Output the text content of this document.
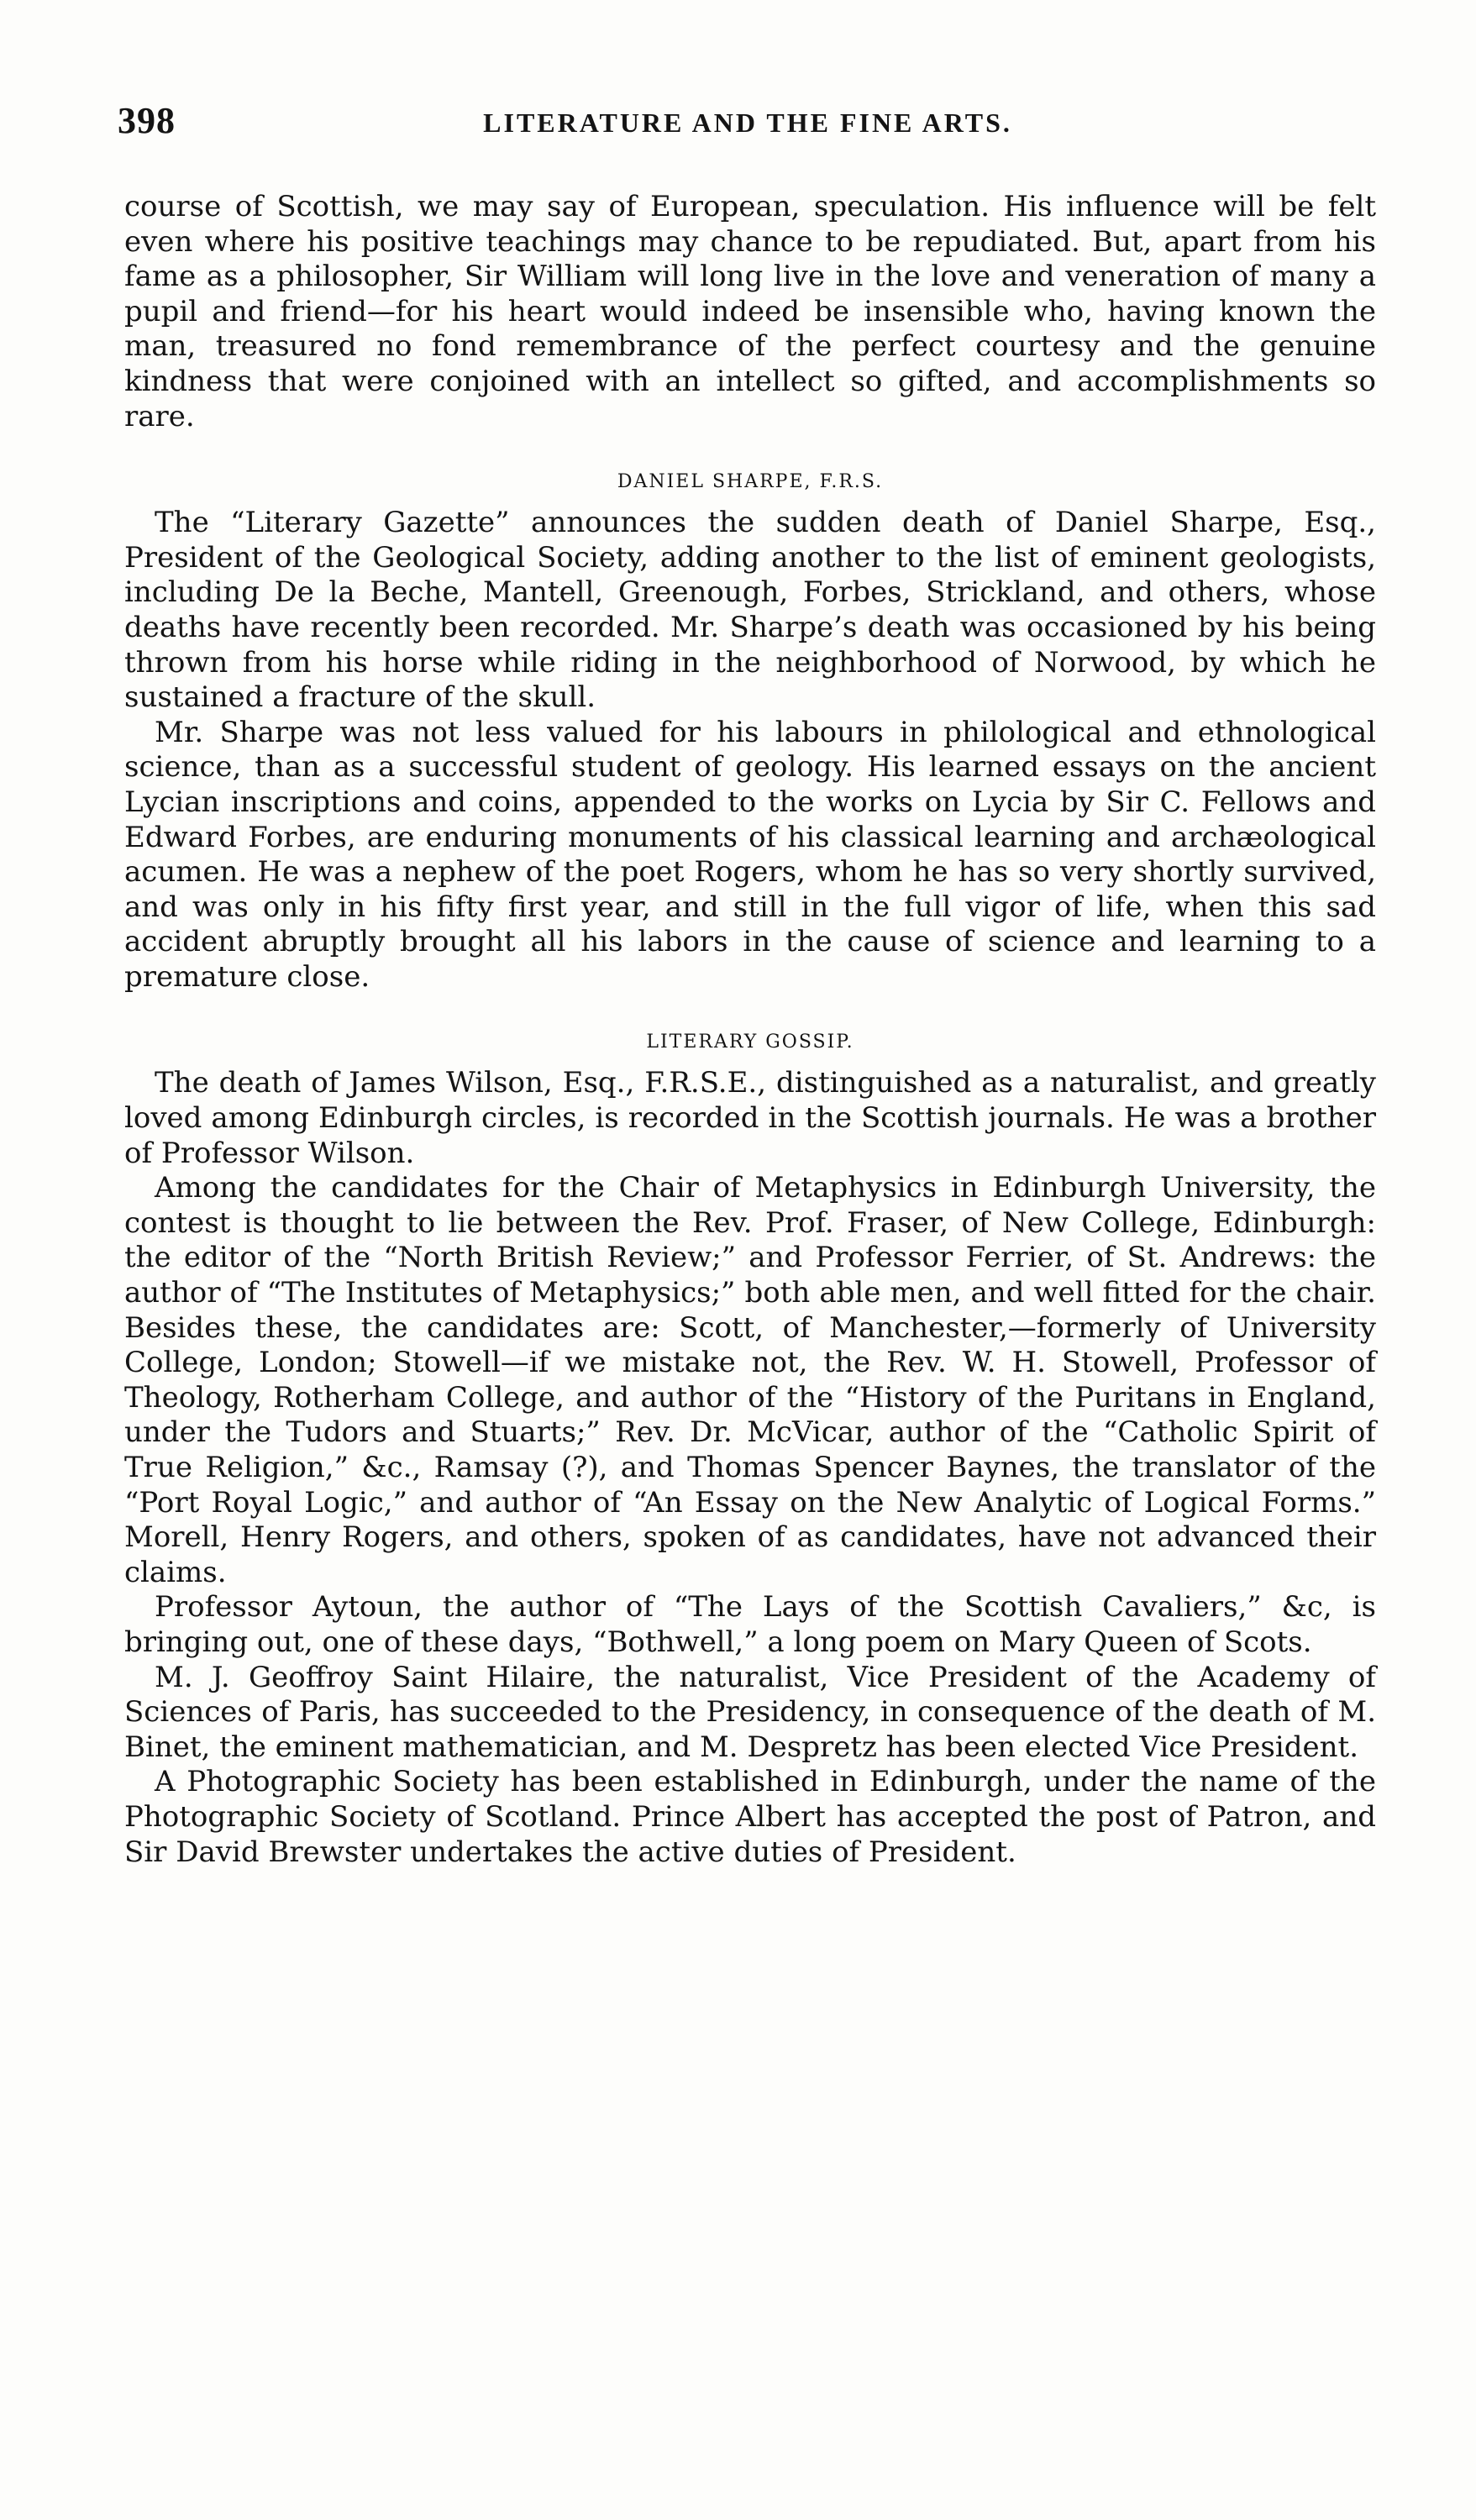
398	LITERATURE AND THE FINE ARTS.

course of Scottish, we may say of European, speculation. His influence will be felt even where his positive teachings may chance to be repudiated. But, apart from his fame as a philosopher, Sir William will long live in the love and veneration of many a pupil and friend—for his heart would indeed be insensible who, having known the man, treasured no fond remembrance of the perfect courtesy and the genuine kindness that were conjoined with an intellect so gifted, and accomplishments so rare.

DANIEL SHARPE, F.R.S.

The “Literary Gazette” announces the sudden death of Daniel Sharpe, Esq., President of the Geological Society, adding another to the list of eminent geologists, including De la Beche, Mantell, Greenough, Forbes, Strickland, and others, whose deaths have recently been recorded. Mr. Sharpe’s death was occasioned by his being thrown from his horse while riding in the neighborhood of Norwood, by which he sustained a fracture of the skull.

Mr. Sharpe was not less valued for his labours in philological and ethnological science, than as a successful student of geology. His learned essays on the ancient Lycian inscriptions and coins, appended to the works on Lycia by Sir C. Fellows and Edward Forbes, are enduring monuments of his classical learning and archæological acumen. He was a nephew of the poet Rogers, whom he has so very shortly survived, and was only in his fifty first year, and still in the full vigor of life, when this sad accident abruptly brought all his labors in the cause of science and learning to a premature close.

LITERARY GOSSIP.

The death of James Wilson, Esq., F.R.S.E., distinguished as a naturalist, and greatly loved among Edinburgh circles, is recorded in the Scottish journals. He was a brother of Professor Wilson.

Among the candidates for the Chair of Metaphysics in Edinburgh University, the contest is thought to lie between the Rev. Prof. Fraser, of New College, Edinburgh: the editor of the “North British Review;” and Professor Ferrier, of St. Andrews: the author of “The Institutes of Metaphysics;” both able men, and well fitted for the chair. Besides these, the candidates are: Scott, of Manchester,—formerly of University College, London; Stowell—if we mistake not, the Rev. W. H. Stowell, Professor of Theology, Rotherham College, and author of the “History of the Puritans in England, under the Tudors and Stuarts;” Rev. Dr. McVicar, author of the “Catholic Spirit of True Religion,” &c., Ramsay (?), and Thomas Spencer Baynes, the translator of the “Port Royal Logic,” and author of “An Essay on the New Analytic of Logical Forms.” Morell, Henry Rogers, and others, spoken of as candidates, have not advanced their claims.

Professor Aytoun, the author of “The Lays of the Scottish Cavaliers,” &c, is bringing out, one of these days, “Bothwell,” a long poem on Mary Queen of Scots.

M. J. Geoffroy Saint Hilaire, the naturalist, Vice President of the Academy of Sciences of Paris, has succeeded to the Presidency, in consequence of the death of M. Binet, the eminent mathematician, and M. Despretz has been elected Vice President.

A Photographic Society has been established in Edinburgh, under the name of the Photographic Society of Scotland. Prince Albert has accepted the post of Patron, and Sir David Brewster undertakes the active duties of President.
